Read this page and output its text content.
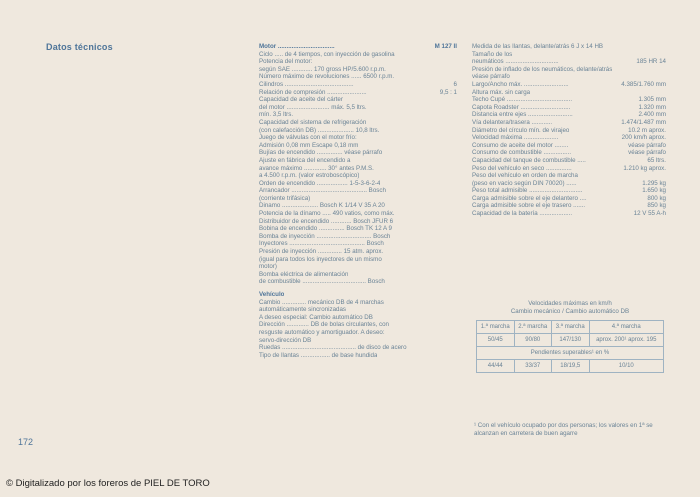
Datos técnicos	Motor .................................	M 127 II
Ciclo ..... de 4 tiempos, con inyección de gasolina
Potencia del motor:
según SAE ............ 170 gross HP/5.600 r.p.m.
Número máximo de revoluciones ...... 6500 r.p.m.
Cilindros ........................................	6
Relación de compresión .......................	9,5 : 1
Capacidad de aceite del cárter
del motor ......................... máx. 5,5 ltrs.
mín. 3,5 ltrs.
Capacidad del sistema de refrigeración
(con calefacción DB) ..................... 10,8 ltrs.
Juego de válvulas con el motor frío:
Admisión 0,08 mm Escape 0,18 mm
Bujías de encendido ............... véase párrafo
Ajuste en fábrica del encendido a
avance máximo ............. 30° antes P.M.S.
a 4.500 r.p.m. (valor estroboscópico)
Orden de encendido .................. 1-5-3-6-2-4
Arrancador ............................................ Bosch
(corriente trifásica)
Dinamo ..................... Bosch K 1/14 V 35 A 20
Potencia de la dínamo ..... 490 vatios, como máx.
Distribuidor de encendido ............ Bosch JFUR 6
Bobina de encendido ............... Bosch TK 12 A 9
Bomba de inyección ................................ Bosch
Inyectores ............................................ Bosch
Presión de inyección .............. 15 atm. aprox.
(igual para todos los inyectores de un mismo
motor)
Bomba eléctrica de alimentación
de combustible ..................................... Bosch
Vehículo
Cambio .............. mecánico DB de 4 marchas
automáticamente sincronizadas
A deseo especial: Cambio automático DB
Dirección ............. DB de bolas circulantes, con
resguste automático y amortiguador. A deseo:
servo-dirección DB
Ruedas ........................................... de disco de acero
Tipo de llantas ................. de base hundida
Medida de las llantas, delante/atrás 6 J x 14 HB
Tamaño de los
neumáticos ...............................	185 HR 14
Presión de inflado de los neumáticos, delante/atrás
véase párrafo
Largo/Ancho máx. ..........................	4.385/1.760 mm
Altura máx. sin carga
Techo Cupé ......................................	1.305 mm
Capota Roadster .............................	1.320 mm
Distancia entre ejes ..........................	2.400 mm
Vía delantera/trasera ............	1.474/1.487 mm
Diámetro del círculo mín. de virajeo	10.2 m aprox.
Velocidad máxima ....................	200 km/h aprox.
Consumo de aceite del motor ........	véase párrafo
Consumo de combustible ................	véase párrafo
Capacidad del tanque de combustible .....	65 ltrs.
Peso del vehículo en seco ...............	1.210 kg aprox.
Peso del vehículo en orden de marcha
(peso en vacío según DIN 70020) ......	1.295 kg
Peso total admisible ...............................	1.650 kg
Carga admisible sobre el eje delantero ....	800 kg
Carga admisible sobre el eje trasero .......	850 kg
Capacidad de la batería ...................	12 V 55 A-h
Velocidades máximas en km/h
Cambio mecánico / Cambio automático DB
1.ª marcha	2.ª marcha	3.ª marcha	4.ª marcha
50/45	90/80	147/130	aprox. 200¹ aprox. 195
Pendientes superables¹ en %			
44/44	33/37	18/19,5	10/10
¹ Con el vehículo ocupado por dos personas; los valores en 1ª se alcanzan en carretera de buen agarre
172
© Digitalizado por los foreros de PIEL DE TORO
